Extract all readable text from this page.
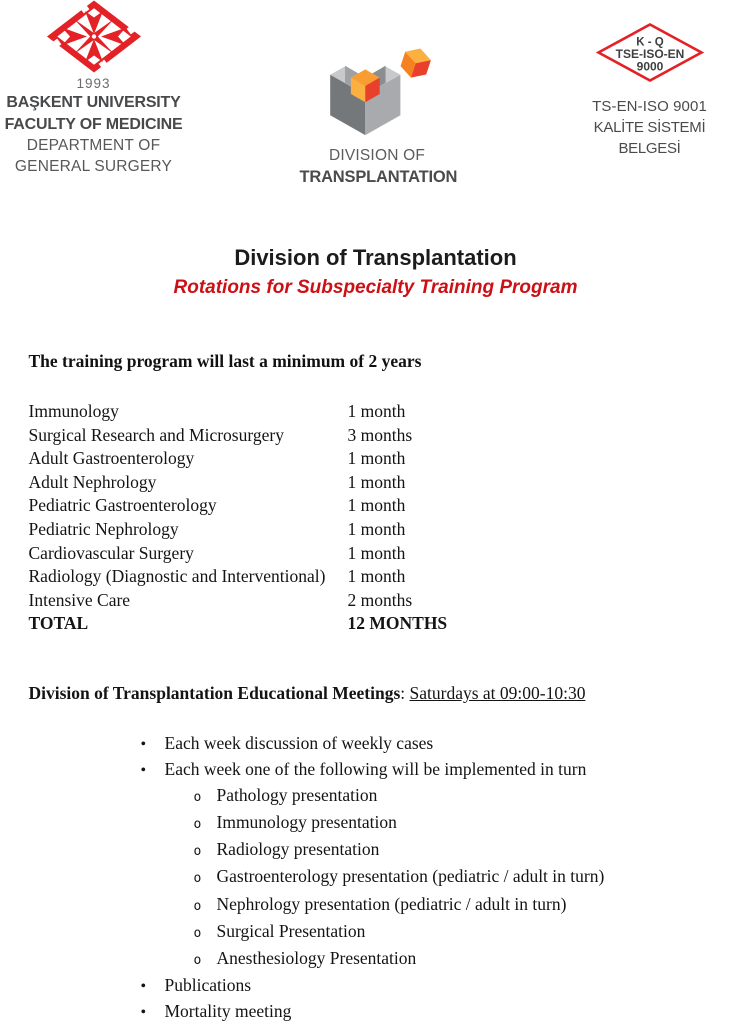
1993
BAŞKENT UNIVERSITY
FACULTY OF MEDICINE
DEPARTMENT OF
GENERAL SURGERY
DIVISION OF
TRANSPLANTATION
K - Q
TSE-ISO-EN
9000
TS-EN-ISO 9001
KALİTE SİSTEMİ BELGESİ
Division of Transplantation
Rotations for Subspecialty Training Program
The training program will last a minimum of 2 years
Immunology	1 month
Surgical Research and Microsurgery	3 months
Adult Gastroenterology	1 month
Adult Nephrology	1 month
Pediatric Gastroenterology	1 month
Pediatric Nephrology	1 month
Cardiovascular Surgery	1 month
Radiology (Diagnostic and Interventional)	1 month
Intensive Care	2 months
TOTAL	12 MONTHS
Division of Transplantation Educational Meetings: Saturdays at 09:00-10:30
•
Each week discussion of weekly cases
•
Each week one of the following will be implemented in turn
o
Pathology presentation
o
Immunology presentation
o
Radiology presentation
o
Gastroenterology presentation (pediatric / adult in turn)
o
Nephrology presentation (pediatric / adult in turn)
o
Surgical Presentation
o
Anesthesiology Presentation
•
Publications
•
Mortality meeting
